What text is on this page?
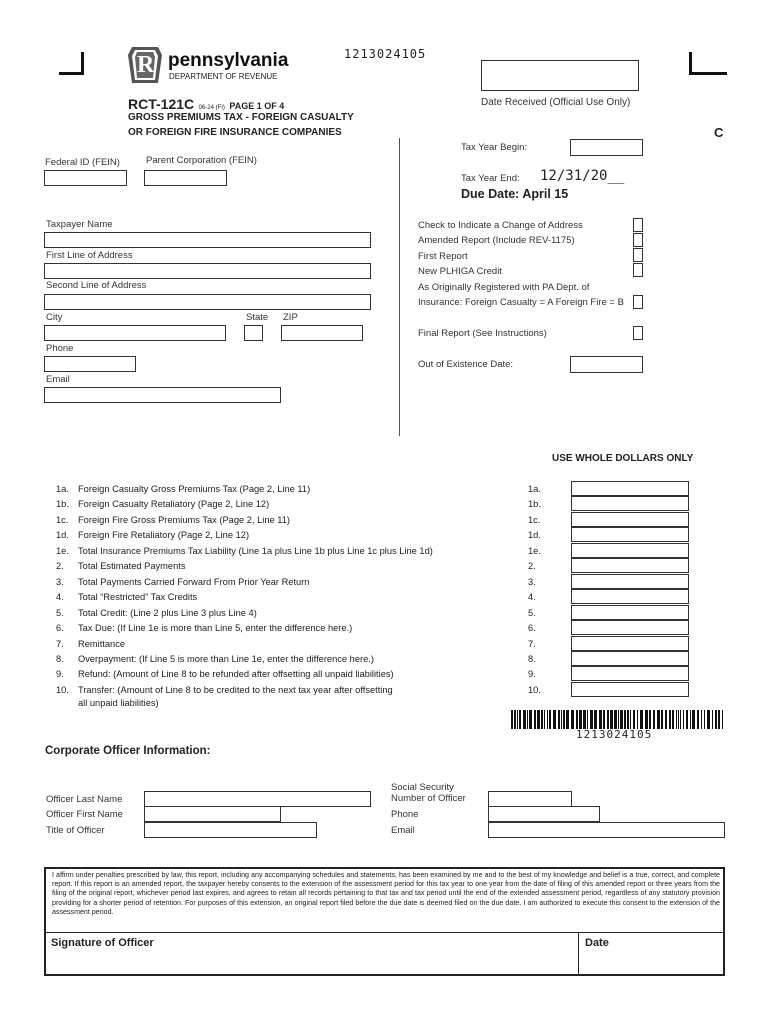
R pennsylvania
DEPARTMENT OF REVENUE
1213024105
Date Received (Official Use Only)
C
RCT-121C 06-24 (FI) PAGE 1 OF 4
GROSS PREMIUMS TAX - FOREIGN CASUALTY
OR FOREIGN FIRE INSURANCE COMPANIES
Federal ID (FEIN)	Parent Corporation (FEIN)
Tax Year Begin:
Tax Year End: 12/31/20__
Due Date: April 15
Taxpayer Name
First Line of Address
Second Line of Address
City	State ZIP
Phone
Email
Check to Indicate a Change of Address
Amended Report (Include REV-1175)
First Report
New PLHIGA Credit
As Originally Registered with PA Dept. of
Insurance: Foreign Casualty = A Foreign Fire = B
Final Report (See Instructions)
Out of Existence Date:
USE WHOLE DOLLARS ONLY
1a. Foreign Casualty Gross Premiums Tax (Page 2, Line 11)	1a.
1b. Foreign Casualty Retaliatory (Page 2, Line 12)	1b.
1c. Foreign Fire Gross Premiums Tax (Page 2, Line 11)	1c.
1d. Foreign Fire Retaliatory (Page 2, Line 12)	1d.
1e. Total Insurance Premiums Tax Liability (Line 1a plus Line 1b plus Line 1c plus Line 1d)	1e.
2. Total Estimated Payments	2.
3. Total Payments Carried Forward From Prior Year Return	3.
4. Total “Restricted” Tax Credits	4.
5. Total Credit: (Line 2 plus Line 3 plus Line 4)	5.
6. Tax Due: (If Line 1e is more than Line 5, enter the difference here.)	6.
7. Remittance	7.
8. Overpayment: (If Line 5 is more than Line 1e, enter the difference here.)	8.
9. Refund: (Amount of Line 8 to be refunded after offsetting all unpaid liabilities)	9.
10. Transfer: (Amount of Line 8 to be credited to the next tax year after offsetting	10.
all unpaid liabilities)
1213024105
Corporate Officer Information:
Officer Last Name
Officer First Name
Title of Officer
Social Security
Number of Officer
Phone
Email
I affirm under penalties prescribed by law, this report, including any accompanying schedules and statements, has been examined by me and to the best of my knowledge and belief is a true, correct, and complete report. If this report is an amended report, the taxpayer hereby consents to the extension of the assessment period for this tax year to one year from the date of filing of this amended report or three years from the filing of the original report, whichever period last expires, and agrees to retain all records pertaining to that tax and tax period until the end of the extended assessment period, regardless of any statutory provision providing for a shorter period of retention. For purposes of this extension, an original report filed before the due date is deemed filed on the due date. I am authorized to execute this consent to the extension of the assessment period.
Signature of Officer	Date
